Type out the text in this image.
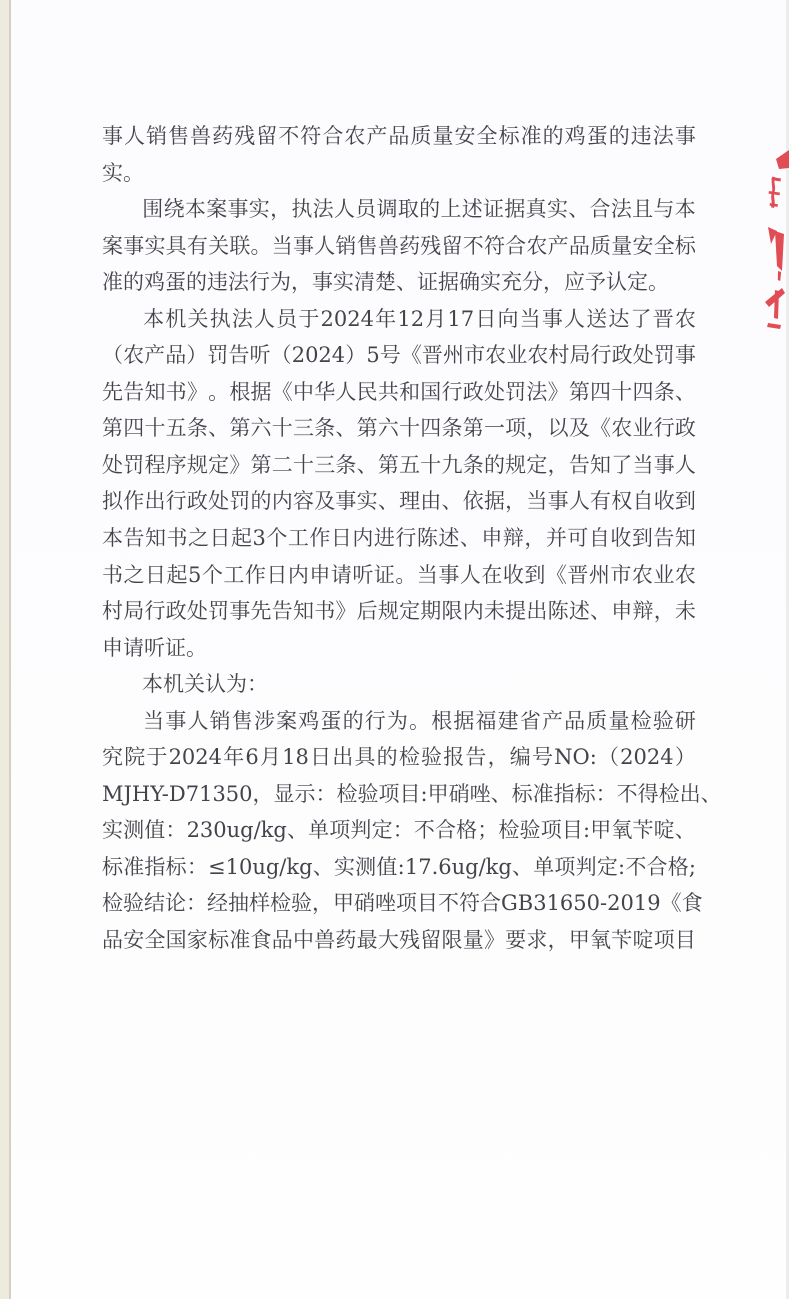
事 人 销 售 兽 药 残 留 不 符 合 农 产 品 质 量 安 全 标 准 的 鸡 蛋 的 违 法 事
实 。
围 绕 本 案 事 实 ， 执 法 人 员 调 取 的 上 述 证 据 真 实 、 合 法 且 与 本
案 事 实 具 有 关 联 。 当 事 人 销 售 兽 药 残 留 不 符 合 农 产 品 质 量 安 全 标
准 的 鸡 蛋 的 违 法 行 为 ， 事 实 清 楚 、 证 据 确 实 充 分 ， 应 予 认 定 。
本 机 关 执 法 人 员 于 2024 年 12 月 17 日 向 当 事 人 送 达 了 晋 农
（ 农 产 品 ） 罚 告 听 （ 2024 ） 5 号 《 晋 州 市 农 业 农 村 局 行 政 处 罚 事
先 告 知 书 》 。 根 据 《 中 华 人 民 共 和 国 行 政 处 罚 法 》 第 四 十 四 条 、
第 四 十 五 条 、 第 六 十 三 条 、 第 六 十 四 条 第 一 项 ， 以 及 《 农 业 行 政
处 罚 程 序 规 定 》 第 二 十 三 条 、 第 五 十 九 条 的 规 定 ， 告 知 了 当 事 人
拟 作 出 行 政 处 罚 的 内 容 及 事 实 、 理 由 、 依 据 ， 当 事 人 有 权 自 收 到
本 告 知 书 之 日 起 3 个 工 作 日 内 进 行 陈 述 、 申 辩 ， 并 可 自 收 到 告 知
书 之 日 起 5 个 工 作 日 内 申 请 听 证 。 当 事 人 在 收 到 《 晋 州 市 农 业 农
村 局 行 政 处 罚 事 先 告 知 书 》 后 规 定 期 限 内 未 提 出 陈 述 、 申 辩 ， 未
申 请 听 证 。
本 机 关 认 为 ：
当 事 人 销 售 涉 案 鸡 蛋 的 行 为 。 根 据 福 建 省 产 品 质 量 检 验 研
究 院 于 2024 年 6 月 18 日 出 具 的 检 验 报 告 ， 编 号 NO: （ 2024 ）
MJHY-D71350 ， 显 示 ： 检 验 项 目 : 甲 硝 唑 、 标 准 指 标 ： 不 得 检 出 、
实 测 值 ： 230ug/kg 、 单 项 判 定 ： 不 合 格 ； 检 验 项 目 : 甲 氧 苄 啶 、
标 准 指 标 ： ≤10ug/kg 、 实 测 值 : 17.6ug/kg 、 单 项 判 定 : 不 合 格 ;
检 验 结 论 ： 经 抽 样 检 验 ， 甲 硝 唑 项 目 不 符 合 GB31650-2019 《 食
品 安 全 国 家 标 准 食 品 中 兽 药 最 大 残 留 限 量 》 要 求 ， 甲 氧 苄 啶 项 目
